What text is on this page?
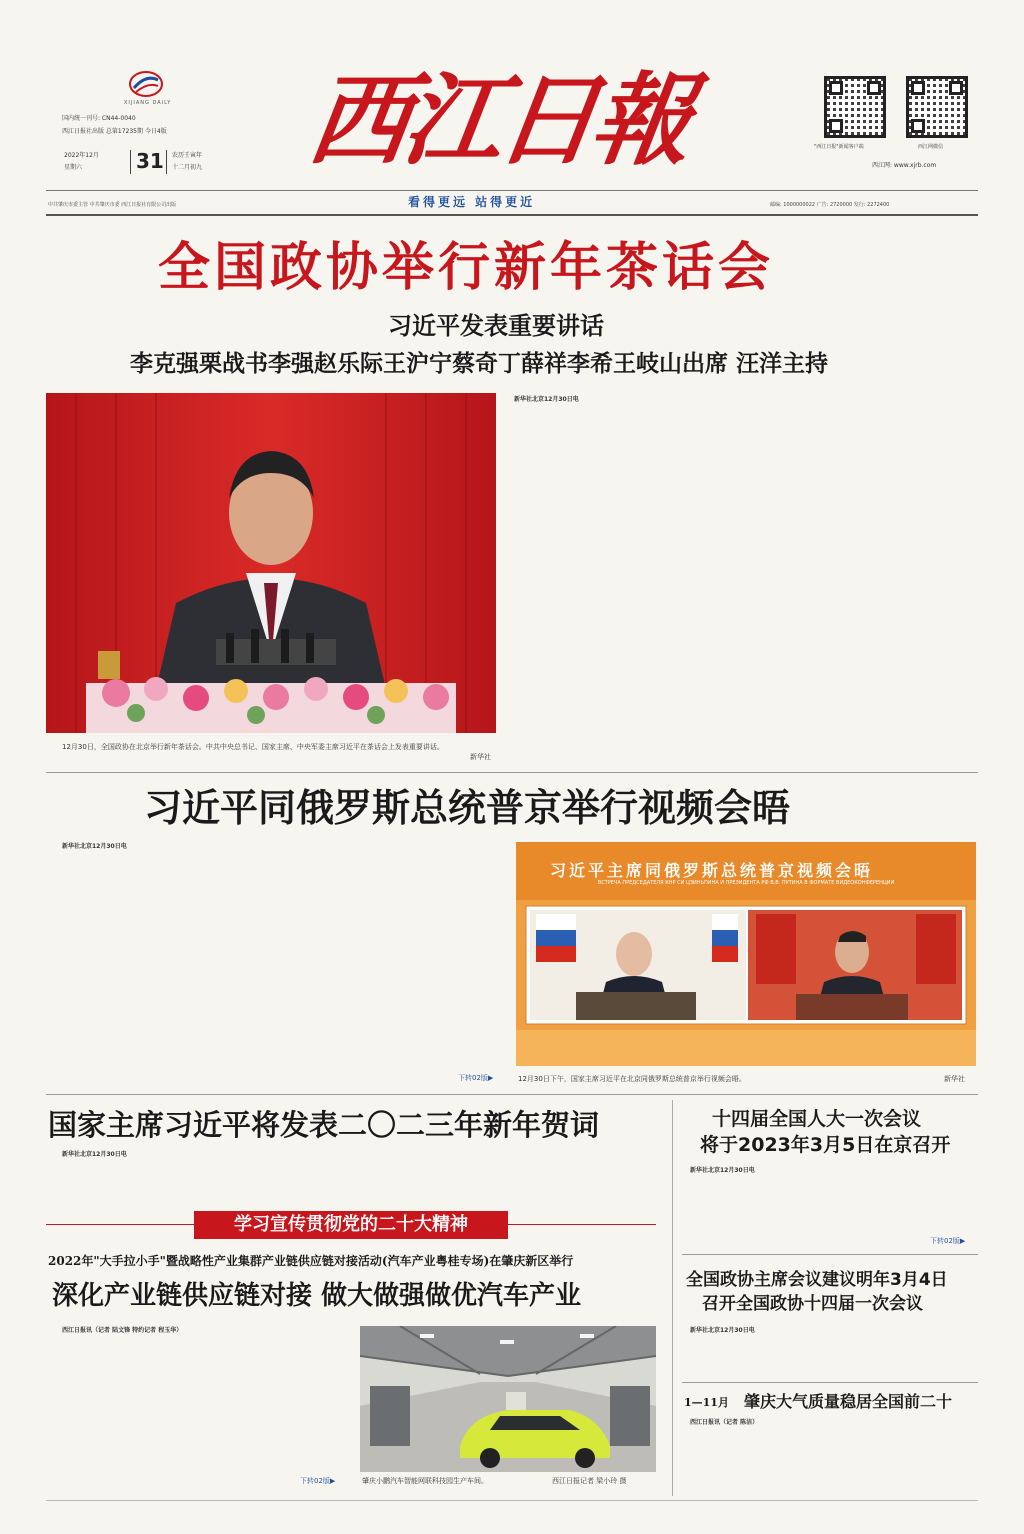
XIJIANG DAILY
国内统一刊号: CN44-0040
西江日报社出版 总第17235期 今日4版
2022年12月
星期六	31 农历壬寅年
十二月初九 西江日報
看得更远 站得更近
"西江日报"新闻客户端	西江网微信
西江网: www.xjrb.com
中共肇庆市委主管 中共肇庆市委 西江日报社有限公司出版	邮编: 1000000022 广告: 2720000 发行: 2272400
全国政协举行新年茶话会
习近平发表重要讲话
李克强栗战书李强赵乐际王沪宁蔡奇丁薛祥李希王岐山出席 汪洋主持
12月30日，全国政协在北京举行新年茶话会。中共中央总书记、国家主席、中央军委主席习近平在茶话会上发表重要讲话。
新华社
新华社北京12月30日电
习近平同俄罗斯总统普京举行视频会晤
新华社北京12月30日电
下转02版▶
习近平主席同俄罗斯总统普京视频会晤
ВСТРЕЧА ПРЕДСЕДАТЕЛЯ КНР СИ ЦЗИНЬПИНА И ПРЕЗИДЕНТА РФ В.В. ПУТИНА В ФОРМАТЕ ВИДЕОКОНФЕРЕНЦИИ
12月30日下午，国家主席习近平在北京同俄罗斯总统普京举行视频会晤。	新华社
国家主席习近平将发表二〇二三年新年贺词
新华社北京12月30日电
学习宣传贯彻党的二十大精神
2022年"大手拉小手"暨战略性产业集群产业链供应链对接活动(汽车产业粤桂专场)在肇庆新区举行
深化产业链供应链对接 做大做强做优汽车产业
西江日报讯（记者 陆文锋 特约记者 程玉华）
下转02版▶	肇庆小鹏汽车智能网联科技园生产车间。	西江日报记者 梁小玲 摄
十四届全国人大一次会议
将于2023年3月5日在京召开
新华社北京12月30日电
下转02版▶
全国政协主席会议建议明年3月4日
召开全国政协十四届一次会议
新华社北京12月30日电
1—11月 肇庆大气质量稳居全国前二十
西江日报讯（记者 陈洁）
